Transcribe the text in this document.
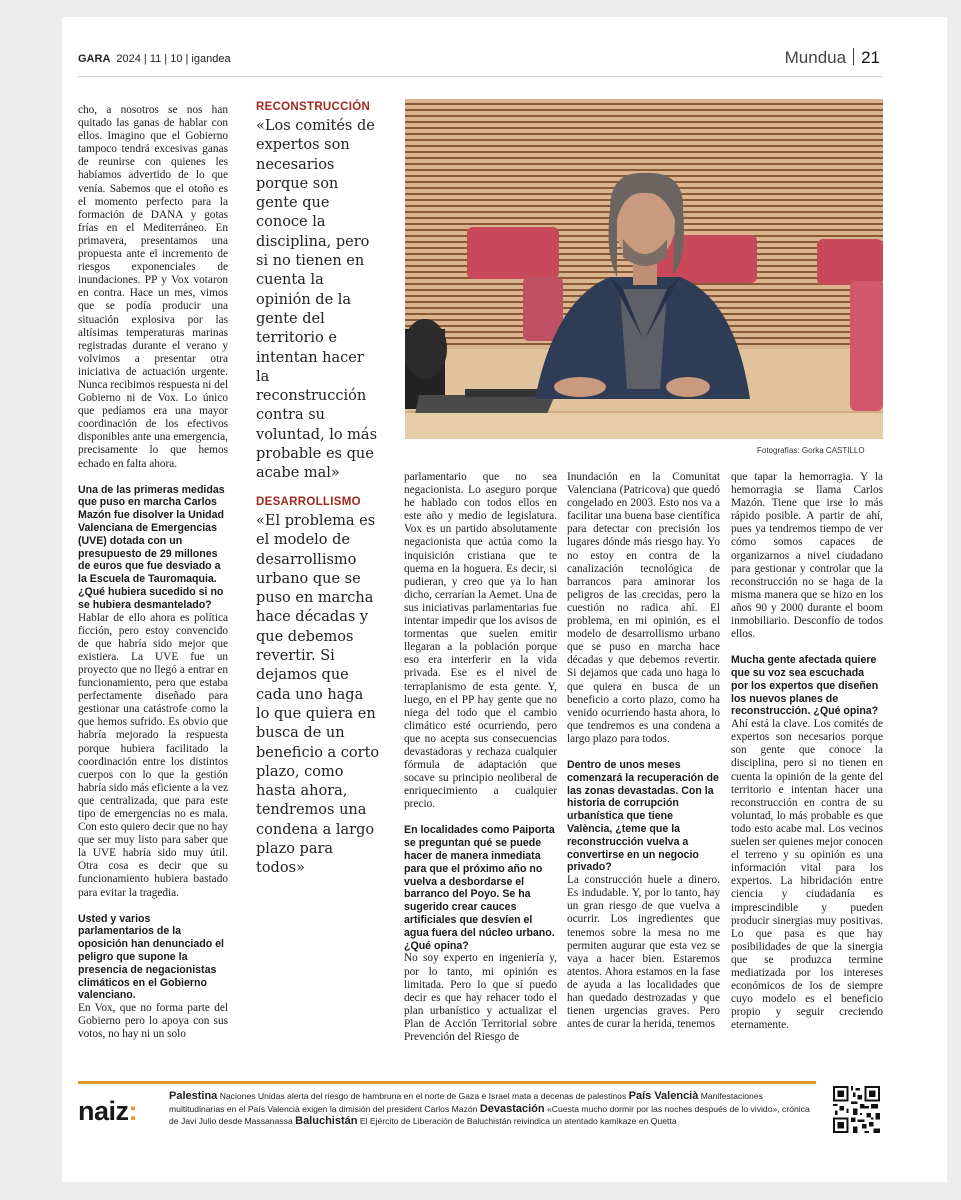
GARA 2024 | 11 | 10 | igandea	Mundua 21

cho, a nosotros se nos han quitado las ganas de hablar con ellos. Imagino que el Gobierno tampoco tendrá excesivas ganas de reunirse con quienes les habíamos advertido de lo que venía. Sabemos que el otoño es el momento perfecto para la formación de DANA y gotas frías en el Mediterráneo. En primavera, presentamos una propuesta ante el incremento de riesgos exponenciales de inundaciones. PP y Vox votaron en contra. Hace un mes, vimos que se podía producir una situación explosiva por las altísimas temperaturas marinas registradas durante el verano y volvimos a presentar otra iniciativa de actuación urgente. Nunca recibimos respuesta ni del Gobierno ni de Vox. Lo único que pedíamos era una mayor coordinación de los efectivos disponibles ante una emergencia, precisamente lo que hemos echado en falta ahora.

Una de las primeras medidas que puso en marcha Carlos Mazón fue disolver la Unidad Valenciana de Emergencias (UVE) dotada con un presupuesto de 29 millones de euros que fue desviado a la Escuela de Tauromaquia. ¿Qué hubiera sucedido si no se hubiera desmantelado?

Hablar de ello ahora es política ficción, pero estoy convencido de que habría sido mejor que existiera. La UVE fue un proyecto que no llegó a entrar en funcionamiento, pero que estaba perfectamente diseñado para gestionar una catástrofe como la que hemos sufrido. Es obvio que habría mejorado la respuesta porque hubiera facilitado la coordinación entre los distintos cuerpos con lo que la gestión habría sido más eficiente a la vez que centralizada, que para este tipo de emergencias no es mala. Con esto quiero decir que no hay que ser muy listo para saber que la UVE habría sido muy útil. Otra cosa es decir que su funcionamiento hubiera bastado para evitar la tragedia.

Usted y varios parlamentarios de la oposición han denunciado el peligro que supone la presencia de negacionistas climáticos en el Gobierno valenciano.

En Vox, que no forma parte del Gobierno pero lo apoya con sus votos, no hay ni un solo

RECONSTRUCCIÓN
«Los comités de expertos son necesarios porque son gente que conoce la disciplina, pero si no tienen en cuenta la opinión de la gente del territorio e intentan hacer la reconstrucción contra su voluntad, lo más probable es que acabe mal»
DESARROLLISMO
«El problema es el modelo de desarrollismo urbano que se puso en marcha hace décadas y que debemos revertir. Si dejamos que cada uno haga lo que quiera en busca de un beneficio a corto plazo, como hasta ahora, tendremos una condena a largo plazo para todos»
Fotografías: Gorka CASTILLO

parlamentario que no sea negacionista. Lo aseguro porque he hablado con todos ellos en este año y medio de legislatura. Vox es un partido absolutamente negacionista que actúa como la inquisición cristiana que te quema en la hoguera. Es decir, si pudieran, y creo que ya lo han dicho, cerrarían la Aemet. Una de sus iniciativas parlamentarias fue intentar impedir que los avisos de tormentas que suelen emitir llegaran a la población porque eso era interferir en la vida privada. Ese es el nivel de terraplanismo de esta gente. Y, luego, en el PP hay gente que no niega del todo que el cambio climático esté ocurriendo, pero que no acepta sus consecuencias devastadoras y rechaza cualquier fórmula de adaptación que socave su principio neoliberal de enriquecimiento a cualquier precio.

En localidades como Paiporta se preguntan qué se puede hacer de manera inmediata para que el próximo año no vuelva a desbordarse el barranco del Poyo. Se ha sugerido crear cauces artificiales que desvíen el agua fuera del núcleo urbano. ¿Qué opina?

No soy experto en ingeniería y, por lo tanto, mi opinión es limitada. Pero lo que sí puedo decir es que hay rehacer todo el plan urbanístico y actualizar el Plan de Acción Territorial sobre Prevención del Riesgo de

Inundación en la Comunitat Valenciana (Patricova) que quedó congelado en 2003. Esto nos va a facilitar una buena base científica para detectar con precisión los lugares dónde más riesgo hay. Yo no estoy en contra de la canalización tecnológica de barrancos para aminorar los peligros de las crecidas, pero la cuestión no radica ahí. El problema, en mi opinión, es el modelo de desarrollismo urbano que se puso en marcha hace décadas y que debemos revertir. Si dejamos que cada uno haga lo que quiera en busca de un beneficio a corto plazo, como ha venido ocurriendo hasta ahora, lo que tendremos es una condena a largo plazo para todos.

Dentro de unos meses comenzará la recuperación de las zonas devastadas. Con la historia de corrupción urbanística que tiene València, ¿teme que la reconstrucción vuelva a convertirse en un negocio privado?

La construcción huele a dinero. Es indudable. Y, por lo tanto, hay un gran riesgo de que vuelva a ocurrir. Los ingredientes que tenemos sobre la mesa no me permiten augurar que esta vez se vaya a hacer bien. Estaremos atentos. Ahora estamos en la fase de ayuda a las localidades que han quedado destrozadas y que tienen urgencias graves. Pero antes de curar la herida, tenemos

que tapar la hemorragia. Y la hemorragia se llama Carlos Mazón. Tiene que irse lo más rápido posible. A partir de ahí, pues ya tendremos tiempo de ver cómo somos capaces de organizarnos a nivel ciudadano para gestionar y controlar que la reconstrucción no se haga de la misma manera que se hizo en los años 90 y 2000 durante el boom inmobiliario. Desconfío de todos ellos.

Mucha gente afectada quiere que su voz sea escuchada por los expertos que diseñen los nuevos planes de reconstrucción. ¿Qué opina?

Ahí está la clave. Los comités de expertos son necesarios porque son gente que conoce la disciplina, pero si no tienen en cuenta la opinión de la gente del territorio e intentan hacer una reconstrucción en contra de su voluntad, lo más probable es que todo esto acabe mal. Los vecinos suelen ser quienes mejor conocen el terreno y su opinión es una información vital para los expertos. La hibridación entre ciencia y ciudadanía es imprescindible y pueden producir sinergias muy positivas. Lo que pasa es que hay posibilidades de que la sinergia que se produzca termine mediatizada por los intereses económicos de los de siempre cuyo modelo es el beneficio propio y seguir creciendo eternamente.

naiz:	Palestina Naciones Unidas alerta del riesgo de hambruna en el norte de Gaza e Israel mata a decenas de palestinos País Valencià Manifestaciones multitudinarias en el País Valencià exigen la dimisión del president Carlos Mazón Devastación «Cuesta mucho dormir por las noches después de lo vivido», crónica de Javi Julio desde Massanassa Baluchistán El Ejército de Liberación de Baluchistán reivindica un atentado kamikaze en Quetta
